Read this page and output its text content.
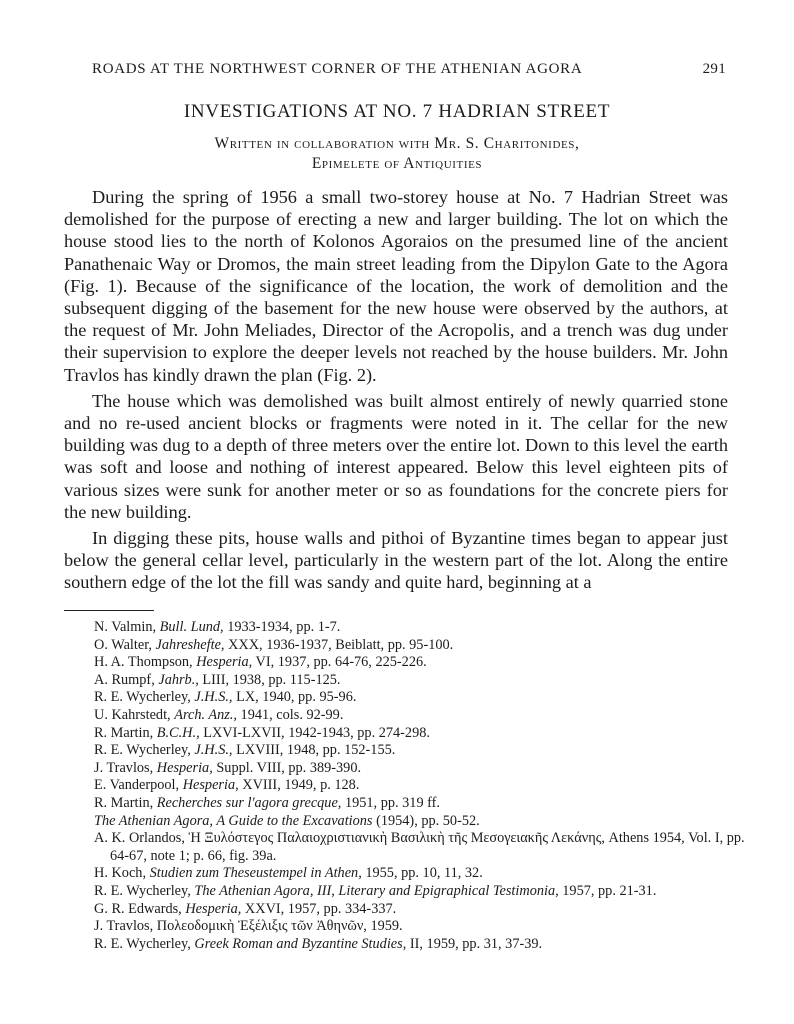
ROADS AT THE NORTHWEST CORNER OF THE ATHENIAN AGORA	291
INVESTIGATIONS AT NO. 7 HADRIAN STREET
Written in collaboration with Mr. S. Charitonides,
Epimelete of Antiquities

During the spring of 1956 a small two-storey house at No. 7 Hadrian Street was demolished for the purpose of erecting a new and larger building. The lot on which the house stood lies to the north of Kolonos Agoraios on the presumed line of the ancient Panathenaic Way or Dromos, the main street leading from the Dipylon Gate to the Agora (Fig. 1). Because of the significance of the location, the work of demolition and the subsequent digging of the basement for the new house were observed by the authors, at the request of Mr. John Meliades, Director of the Acropolis, and a trench was dug under their supervision to explore the deeper levels not reached by the house builders. Mr. John Travlos has kindly drawn the plan (Fig. 2).

The house which was demolished was built almost entirely of newly quarried stone and no re-used ancient blocks or fragments were noted in it. The cellar for the new building was dug to a depth of three meters over the entire lot. Down to this level the earth was soft and loose and nothing of interest appeared. Below this level eighteen pits of various sizes were sunk for another meter or so as foundations for the concrete piers for the new building.

In digging these pits, house walls and pithoi of Byzantine times began to appear just below the general cellar level, particularly in the western part of the lot. Along the entire southern edge of the lot the fill was sandy and quite hard, beginning at a

N. Valmin, Bull. Lund, 1933-1934, pp. 1-7.
O. Walter, Jahreshefte, XXX, 1936-1937, Beiblatt, pp. 95-100.
H. A. Thompson, Hesperia, VI, 1937, pp. 64-76, 225-226.
A. Rumpf, Jahrb., LIII, 1938, pp. 115-125.
R. E. Wycherley, J.H.S., LX, 1940, pp. 95-96.
U. Kahrstedt, Arch. Anz., 1941, cols. 92-99.
R. Martin, B.C.H., LXVI-LXVII, 1942-1943, pp. 274-298.
R. E. Wycherley, J.H.S., LXVIII, 1948, pp. 152-155.
J. Travlos, Hesperia, Suppl. VIII, pp. 389-390.
E. Vanderpool, Hesperia, XVIII, 1949, p. 128.
R. Martin, Recherches sur l'agora grecque, 1951, pp. 319 ff.
The Athenian Agora, A Guide to the Excavations (1954), pp. 50-52.
A. K. Orlandos, Ἡ Ξυλόστεγος Παλαιοχριστιανικὴ Βασιλικὴ τῆς Μεσογειακῆς Λεκάνης, Athens 1954, Vol. I, pp. 64-67, note 1; p. 66, fig. 39a.
H. Koch, Studien zum Theseustempel in Athen, 1955, pp. 10, 11, 32.
R. E. Wycherley, The Athenian Agora, III, Literary and Epigraphical Testimonia, 1957, pp. 21-31.
G. R. Edwards, Hesperia, XXVI, 1957, pp. 334-337.
J. Travlos, Πολεοδομικὴ Ἐξέλιξις τῶν Ἀθηνῶν, 1959.
R. E. Wycherley, Greek Roman and Byzantine Studies, II, 1959, pp. 31, 37-39.
